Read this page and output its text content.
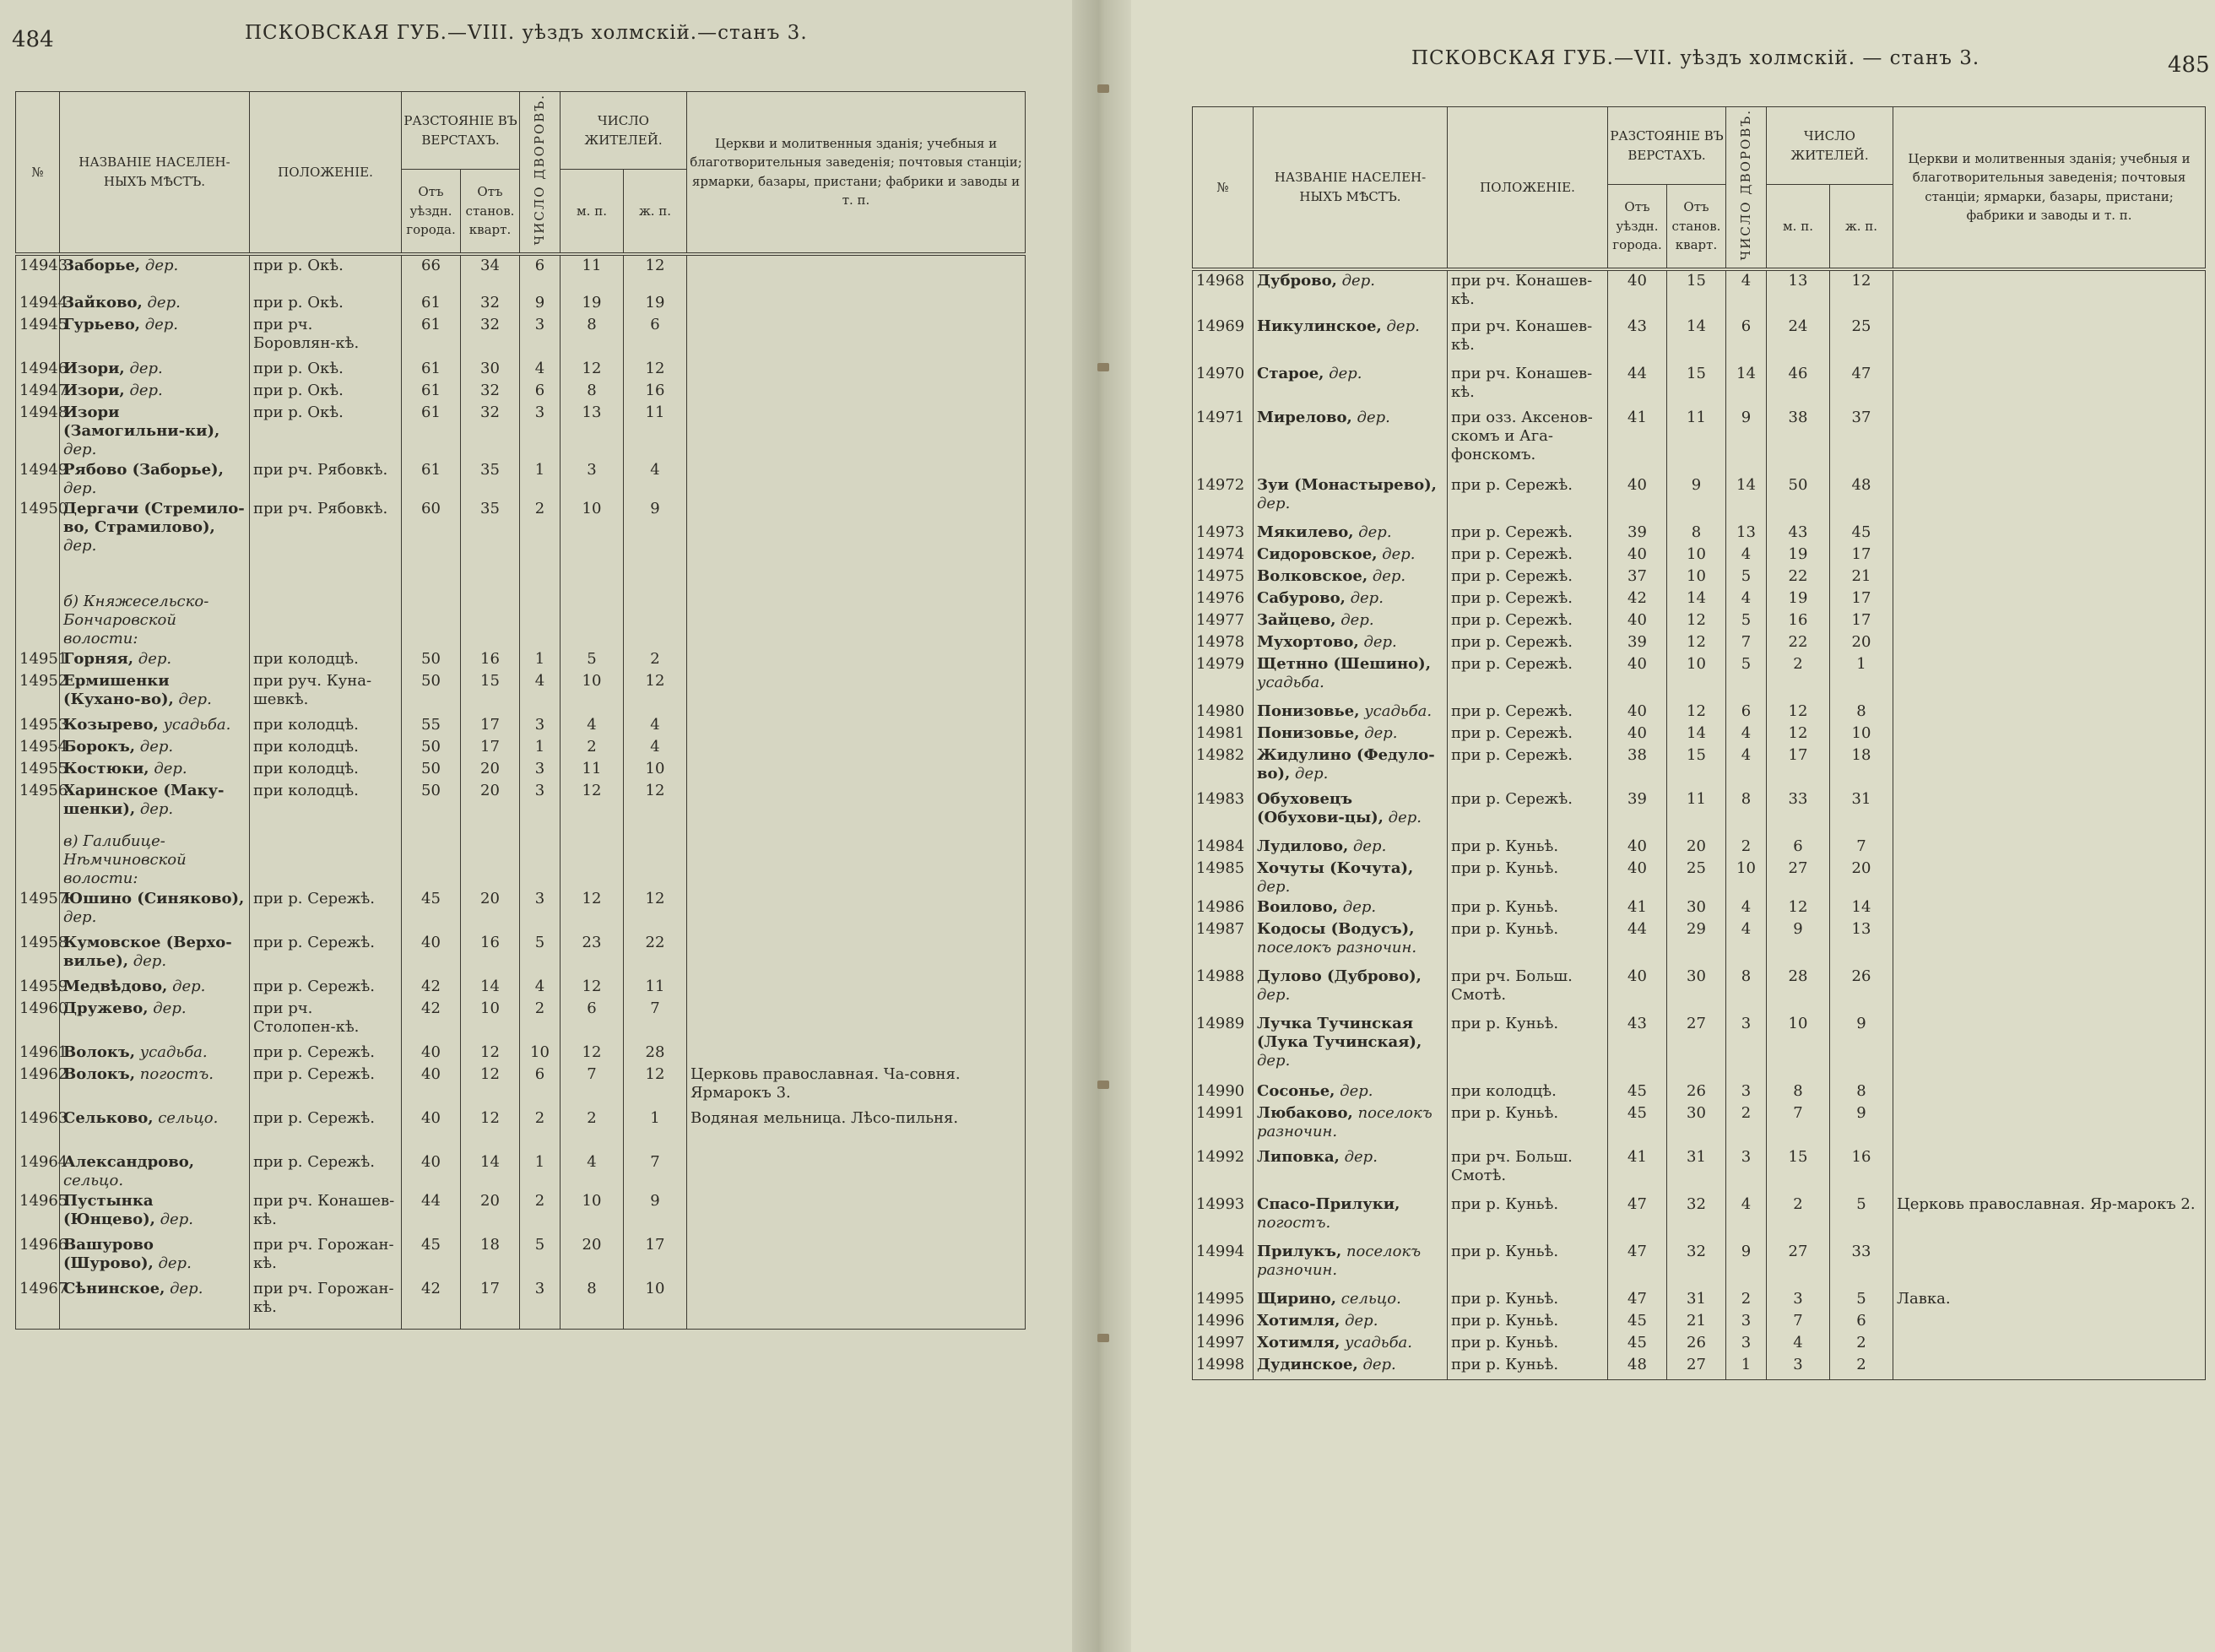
484	ПСКОВСКАЯ ГУБ.—VIII. уѣздъ холмскій.—станъ 3.
№	НАЗВАНІЕ НАСЕЛЕН-НЫХЪ МѢСТЪ.	ПОЛОЖЕНІЕ.	РАЗСТОЯНІЕ ВЪ ВЕРСТАХЪ.		ЧИСЛО ДВОРОВЪ.	ЧИСЛО ЖИТЕЛЕЙ.		Церкви и молитвенныя зданія; учебныя и благотворительныя заведенія; почтовыя станціи; ярмарки, базары, пристани; фабрики и заводы и т. п.	
			Отъ уѣздн. города.	Отъ станов. кварт.		м. п.	ж. п.		
14943	Заборье, дер.	при р. Окѣ.	66	34	6	11	12		
14944	Зайково, дер.	при р. Окѣ.	61	32	9	19	19		
14945	Гурьево, дер.	при рч. Боровлян-кѣ.	61	32	3	8	6		
14946	Изори, дер.	при р. Окѣ.	61	30	4	12	12		
14947	Изори, дер.	при р. Окѣ.	61	32	6	8	16		
14948	Изори (Замогильни-ки), дер.	при р. Окѣ.	61	32	3	13	11		
14949	Рябово (Заборье), дер.	при рч. Рябовкѣ.	61	35	1	3	4		
14950	Дергачи (Стремило-во, Страмилово), дер.	при рч. Рябовкѣ.	60	35	2	10	9		
	б) Княжесельско-Бончаровской волости:								
14951	Горняя, дер.	при колодцѣ.	50	16	1	5	2		
14952	Ермишенки (Кухано-во), дер.	при руч. Куна-шевкѣ.	50	15	4	10	12		
14953	Козырево, усадьба.	при колодцѣ.	55	17	3	4	4		
14954	Борокъ, дер.	при колодцѣ.	50	17	1	2	4		
14955	Костюки, дер.	при колодцѣ.	50	20	3	11	10		
14956	Харинское (Маку-шенки), дер.	при колодцѣ.	50	20	3	12	12		
	в) Галибице-Нѣмчиновской волости:								
14957	Юшино (Синяково), дер.	при р. Сережѣ.	45	20	3	12	12		
14958	Кумовское (Верхо-вилье), дер.	при р. Сережѣ.	40	16	5	23	22		
14959	Медвѣдово, дер.	при р. Сережѣ.	42	14	4	12	11		
14960	Дружево, дер.	при рч. Столопен-кѣ.	42	10	2	6	7		
14961	Волокъ, усадьба.	при р. Сережѣ.	40	12	10	12	28		
14962	Волокъ, погостъ.	при р. Сережѣ.	40	12	6	7	12	Церковь православная. Ча-совня. Ярмарокъ 3.	
14963	Сельково, сельцо.	при р. Сережѣ.	40	12	2	2	1	Водяная мельница. Лѣсо-пильня.	
14964	Александрово, сельцо.	при р. Сережѣ.	40	14	1	4	7		
14965	Пустынка (Юнцево), дер.	при рч. Конашев-кѣ.	44	20	2	10	9		
14966	Вашурово (Шурово), дер.	при рч. Горожан-кѣ.	45	18	5	20	17		
14967	Сѣнинское, дер.	при рч. Горожан-кѣ.	42	17	3	8	10		
ПСКОВСКАЯ ГУБ.—VII. уѣздъ холмскій. — станъ 3.	485
№	НАЗВАНІЕ НАСЕЛЕН-НЫХЪ МѢСТЪ.	ПОЛОЖЕНІЕ.	РАЗСТОЯНІЕ ВЪ ВЕРСТАХЪ.		ЧИСЛО ДВОРОВЪ.	ЧИСЛО ЖИТЕЛЕЙ.		Церкви и молитвенныя зданія; учебныя и благотворительныя заведенія; почтовыя станціи; ярмарки, базары, пристани; фабрики и заводы и т. п.
			Отъ уѣздн. города.	Отъ станов. кварт.		м. п.	ж. п.	
14968	Дуброво, дер.	при рч. Конашев-кѣ.	40	15	4	13	12	
14969	Никулинское, дер.	при рч. Конашев-кѣ.	43	14	6	24	25	
14970	Старое, дер.	при рч. Конашев-кѣ.	44	15	14	46	47	
14971	Мирелово, дер.	при озз. Аксенов-скомъ и Ага-фонскомъ.	41	11	9	38	37	
14972	Зуи (Монастырево), дер.	при р. Сережѣ.	40	9	14	50	48	
14973	Мякилево, дер.	при р. Сережѣ.	39	8	13	43	45	
14974	Сидоровское, дер.	при р. Сережѣ.	40	10	4	19	17	
14975	Волковское, дер.	при р. Сережѣ.	37	10	5	22	21	
14976	Сабурово, дер.	при р. Сережѣ.	42	14	4	19	17	
14977	Зайцево, дер.	при р. Сережѣ.	40	12	5	16	17	
14978	Мухортово, дер.	при р. Сережѣ.	39	12	7	22	20	
14979	Щетнно (Шешино), усадьба.	при р. Сережѣ.	40	10	5	2	1	
14980	Понизовье, усадьба.	при р. Сережѣ.	40	12	6	12	8	
14981	Понизовье, дер.	при р. Сережѣ.	40	14	4	12	10	
14982	Жидулино (Федуло-во), дер.	при р. Сережѣ.	38	15	4	17	18	
14983	Обуховецъ (Обухови-цы), дер.	при р. Сережѣ.	39	11	8	33	31	
14984	Лудилово, дер.	при р. Куньѣ.	40	20	2	6	7	
14985	Хочуты (Кочута), дер.	при р. Куньѣ.	40	25	10	27	20	
14986	Воилово, дер.	при р. Куньѣ.	41	30	4	12	14	
14987	Кодосы (Водусъ), поселокъ разночин.	при р. Куньѣ.	44	29	4	9	13	
14988	Дулово (Дуброво), дер.	при рч. Больш. Смотѣ.	40	30	8	28	26	
14989	Лучка Тучинская (Лука Тучинская), дер.	при р. Куньѣ.	43	27	3	10	9	
14990	Сосонье, дер.	при колодцѣ.	45	26	3	8	8	
14991	Любаково, поселокъ разночин.	при р. Куньѣ.	45	30	2	7	9	
14992	Липовка, дер.	при рч. Больш. Смотѣ.	41	31	3	15	16	
14993	Спасо-Прилуки, погостъ.	при р. Куньѣ.	47	32	4	2	5	Церковь православная. Яр-марокъ 2.
14994	Прилукъ, поселокъ разночин.	при р. Куньѣ.	47	32	9	27	33	
14995	Щирино, сельцо.	при р. Куньѣ.	47	31	2	3	5	Лавка.
14996	Хотимля, дер.	при р. Куньѣ.	45	21	3	7	6	
14997	Хотимля, усадьба.	при р. Куньѣ.	45	26	3	4	2	
14998	Дудинское, дер.	при р. Куньѣ.	48	27	1	3	2	
